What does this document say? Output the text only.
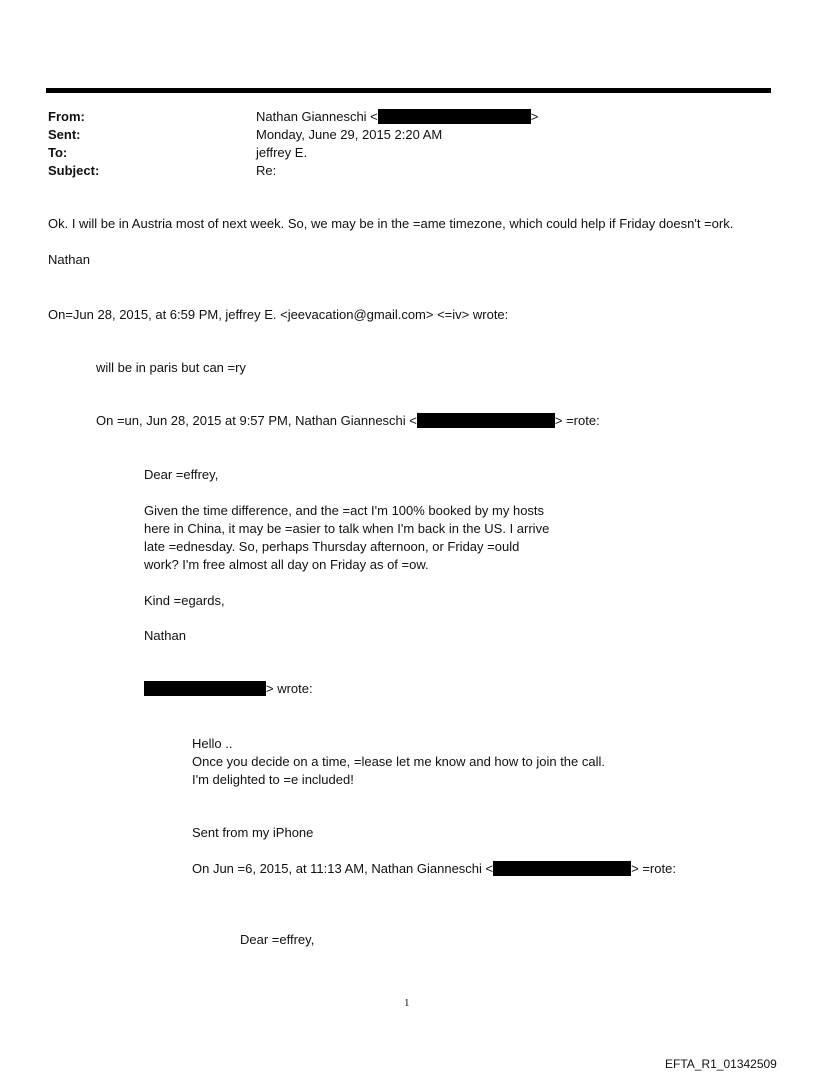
From:	Nathan Gianneschi <	>
Sent:	Monday, June 29, 2015 2:20 AM
To:	jeffrey E.
Subject:	Re:
Ok. I will be in Austria most of next week. So, we may be in the =ame timezone, which could help if Friday doesn't =ork.
Nathan
On=Jun 28, 2015, at 6:59 PM, jeffrey E. <jeevacation@gmail.com> <=iv> wrote:
will be in paris but can =ry
On =un, Jun 28, 2015 at 9:57 PM, Nathan Gianneschi <	> =rote:
Dear =effrey,
Given the time difference, and the =act I'm 100% booked by my hosts
here in China, it may be =asier to talk when I'm back in the US. I arrive
late =ednesday. So, perhaps Thursday afternoon, or Friday =ould
work? I'm free almost all day on Friday as of =ow.
Kind =egards,
Nathan
> wrote:
Hello ..
Once you decide on a time, =lease let me know and how to join the call.
I'm delighted to =e included!
Sent from my iPhone
On Jun =6, 2015, at 11:13 AM, Nathan Gianneschi <	> =rote:
Dear =effrey,
1
EFTA_R1_01342509
